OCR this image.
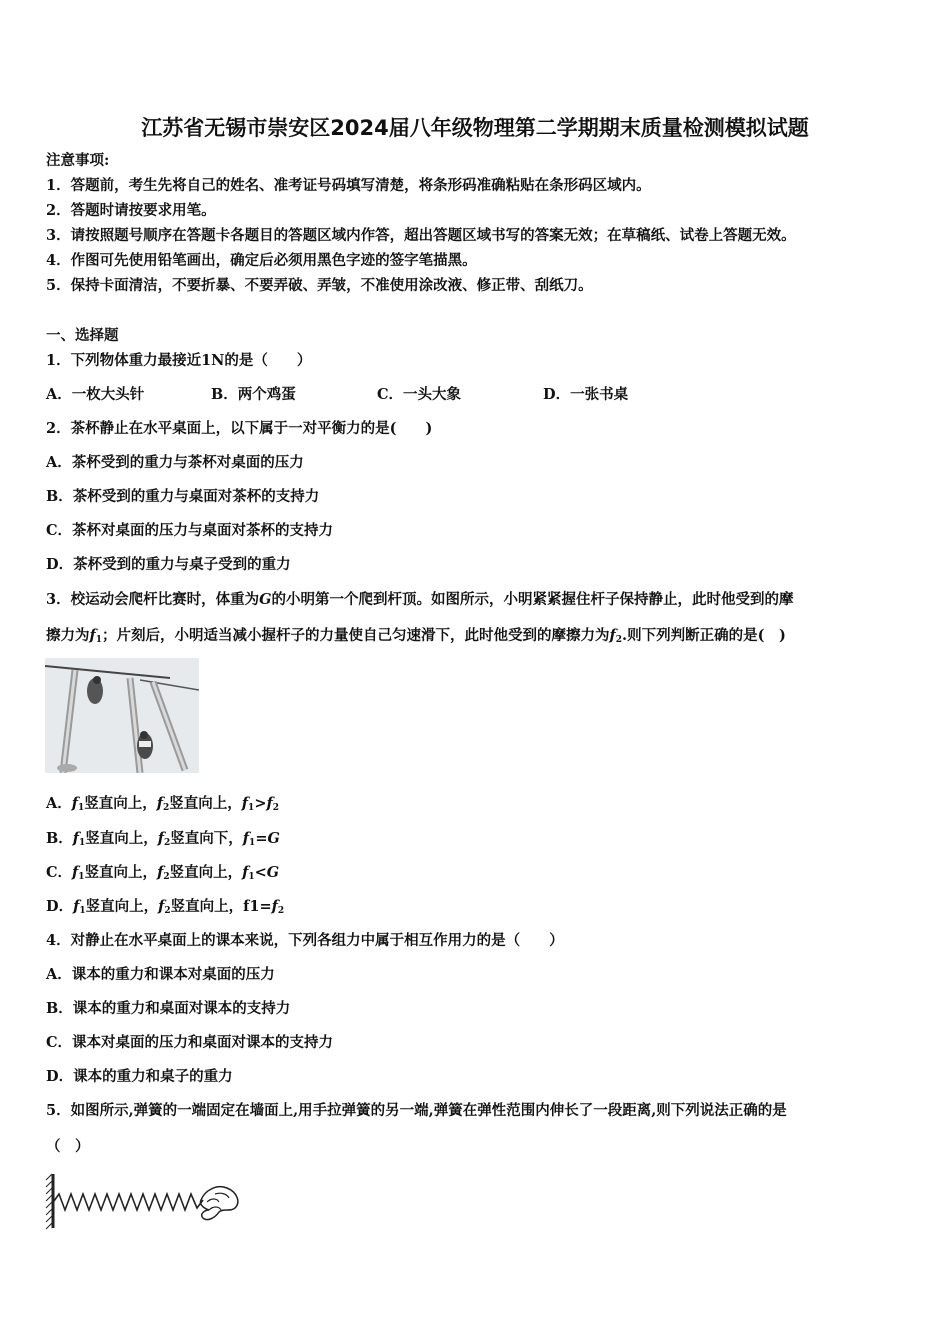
江苏省无锡市崇安区2024届八年级物理第二学期期末质量检测模拟试题
注意事项:
1．答题前，考生先将自己的姓名、准考证号码填写清楚，将条形码准确粘贴在条形码区域内。
2．答题时请按要求用笔。
3．请按照题号顺序在答题卡各题目的答题区域内作答，超出答题区域书写的答案无效；在草稿纸、试卷上答题无效。
4．作图可先使用铅笔画出，确定后必须用黑色字迹的签字笔描黑。
5．保持卡面清洁，不要折暴、不要弄破、弄皱，不准使用涂改液、修正带、刮纸刀。
一、选择题
1．下列物体重力最接近1N的是（　　）
A．一枚大头针	B．两个鸡蛋	C．一头大象	D．一张书桌
2．茶杯静止在水平桌面上，以下属于一对平衡力的是(　　)
A．茶杯受到的重力与茶杯对桌面的压力
B．茶杯受到的重力与桌面对茶杯的支持力
C．茶杯对桌面的压力与桌面对茶杯的支持力
D．茶杯受到的重力与桌子受到的重力
3．校运动会爬杆比赛时，体重为G的小明第一个爬到杆顶。如图所示，小明紧紧握住杆子保持静止，此时他受到的摩
擦力为$f_1$；片刻后，小明适当减小握杆子的力量使自己匀速滑下，此时他受到的摩擦力为$f_2$.则下列判断正确的是(　)
A．$f_1$竖直向上，$f_2$竖直向上，$f_1>f_2$
B．$f_1$竖直向上，$f_2$竖直向下，$f_1=G$
C．$f_1$竖直向上，$f_2$竖直向上，$f_1<G$
D．$f_1$竖直向上，$f_2$竖直向上，$f1=f_2$
4．对静止在水平桌面上的课本来说，下列各组力中属于相互作用力的是（　　）
A．课本的重力和课本对桌面的压力
B．课本的重力和桌面对课本的支持力
C．课本对桌面的压力和桌面对课本的支持力
D．课本的重力和桌子的重力
5．如图所示,弹簧的一端固定在墙面上,用手拉弹簧的另一端,弹簧在弹性范围内伸长了一段距离,则下列说法正确的是
（　）
